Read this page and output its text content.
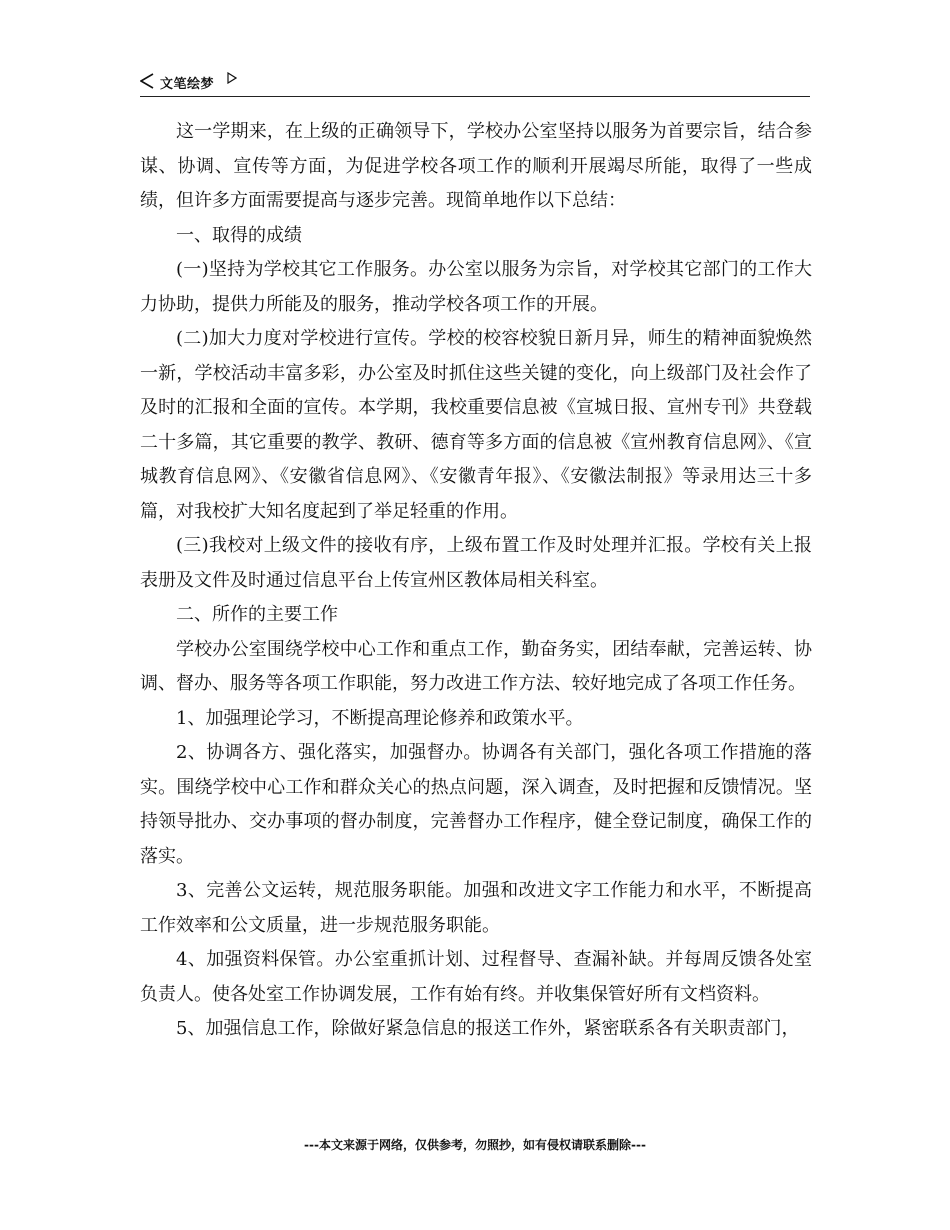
文笔绘梦

这一学期来，在上级的正确领导下，学校办公室坚持以服务为首要宗旨，结合参谋、协调、宣传等方面，为促进学校各项工作的顺利开展竭尽所能，取得了一些成绩，但许多方面需要提高与逐步完善。现简单地作以下总结：

一、取得的成绩

(一)坚持为学校其它工作服务。办公室以服务为宗旨，对学校其它部门的工作大力协助，提供力所能及的服务，推动学校各项工作的开展。

(二)加大力度对学校进行宣传。学校的校容校貌日新月异，师生的精神面貌焕然一新，学校活动丰富多彩，办公室及时抓住这些关键的变化，向上级部门及社会作了及时的汇报和全面的宣传。本学期，我校重要信息被《宣城日报、宣州专刊》共登载二十多篇，其它重要的教学、教研、德育等多方面的信息被《宣州教育信息网》、《宣城教育信息网》、《安徽省信息网》、《安徽青年报》、《安徽法制报》等录用达三十多篇，对我校扩大知名度起到了举足轻重的作用。

(三)我校对上级文件的接收有序，上级布置工作及时处理并汇报。学校有关上报表册及文件及时通过信息平台上传宣州区教体局相关科室。

二、所作的主要工作

学校办公室围绕学校中心工作和重点工作，勤奋务实，团结奉献，完善运转、协调、督办、服务等各项工作职能，努力改进工作方法、较好地完成了各项工作任务。

1、加强理论学习，不断提高理论修养和政策水平。

2、协调各方、强化落实，加强督办。协调各有关部门，强化各项工作措施的落实。围绕学校中心工作和群众关心的热点问题，深入调查，及时把握和反馈情况。坚持领导批办、交办事项的督办制度，完善督办工作程序，健全登记制度，确保工作的落实。

3、完善公文运转，规范服务职能。加强和改进文字工作能力和水平，不断提高工作效率和公文质量，进一步规范服务职能。

4、加强资料保管。办公室重抓计划、过程督导、查漏补缺。并每周反馈各处室负责人。使各处室工作协调发展，工作有始有终。并收集保管好所有文档资料。

5、加强信息工作，除做好紧急信息的报送工作外，紧密联系各有关职责部门，

---本文来源于网络，仅供参考，勿照抄，如有侵权请联系删除---
